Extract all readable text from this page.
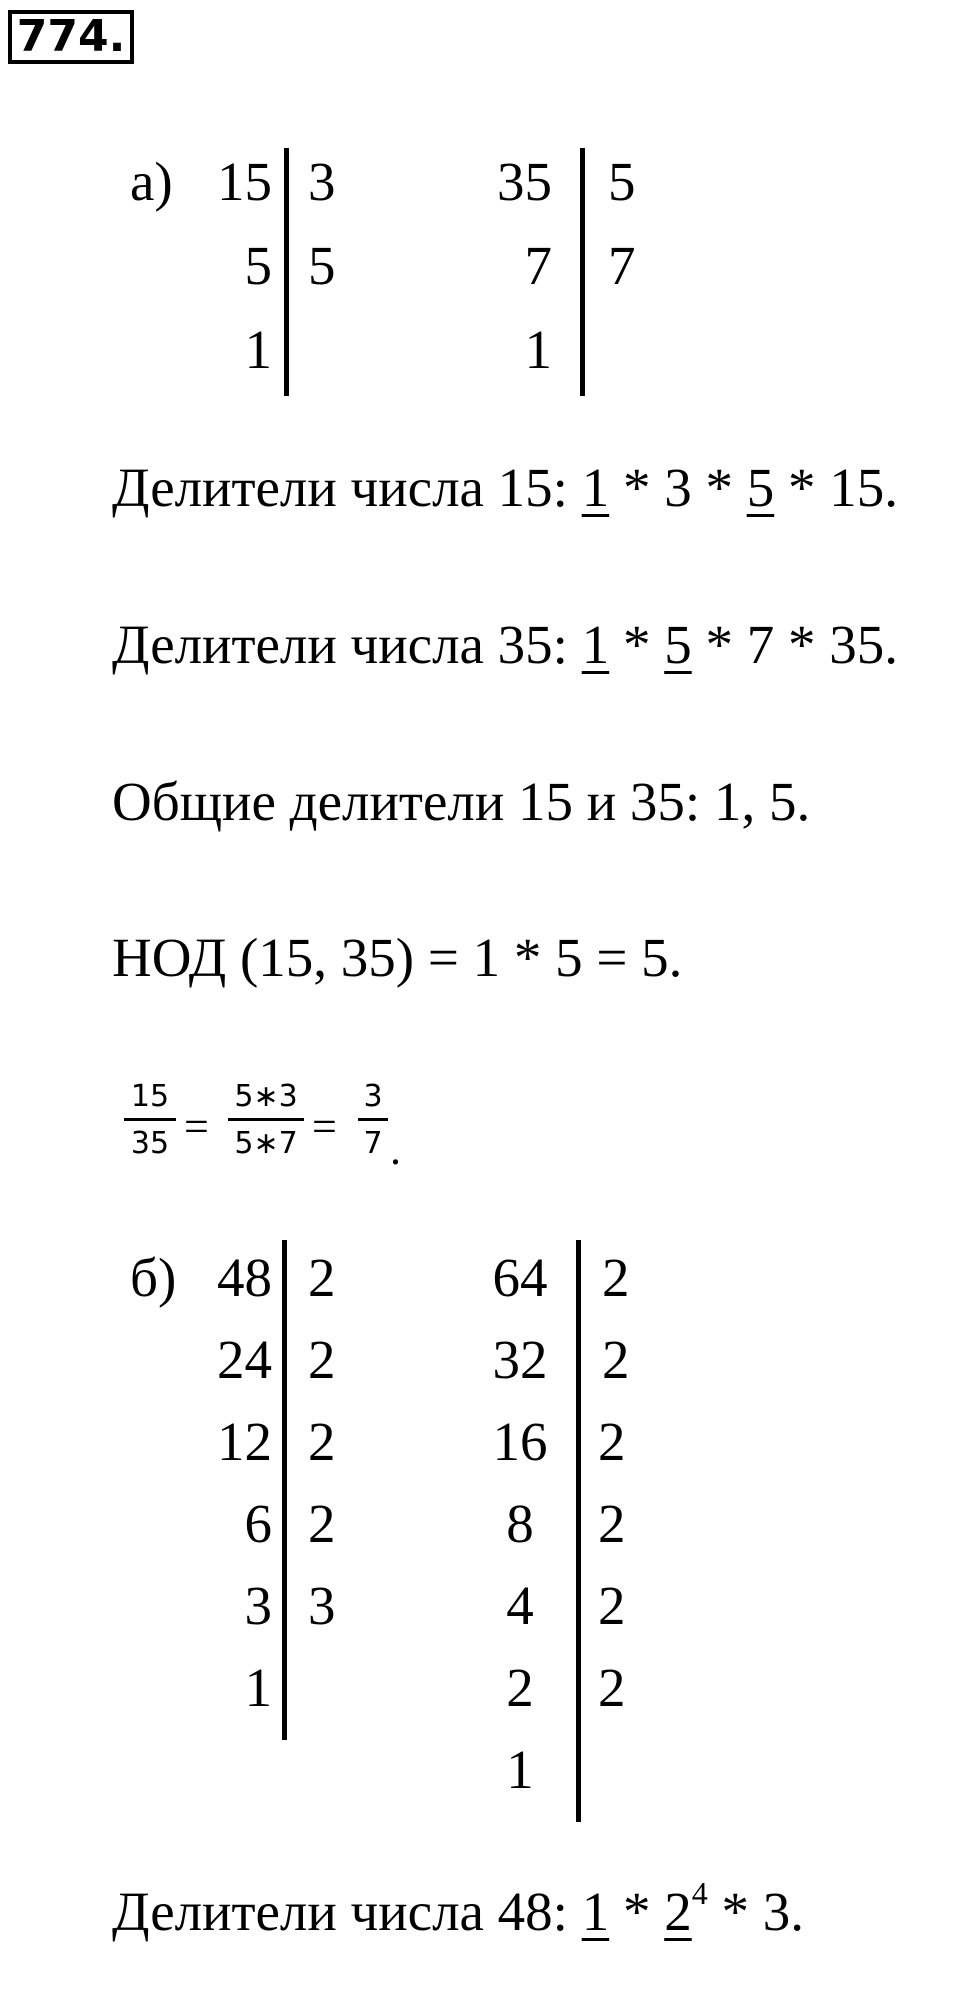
774.
а) 15
5
1
3
5
35
7
1
5
7
Делители числа 15: 1 * 3 * 5 * 15.
Делители числа 35: 1 * 5 * 7 * 35.
Общие делители 15 и 35: 1, 5.
НОД (15, 35) = 1 * 5 = 5.
15
35 =
5∗3
5∗7 =
3
7 .
б) 48
24
12
6
3
1
2
2
2
2
3
64
32
16
8
4
2
1
2
2
2
2
2
2
Делители числа 48: $1 * 2^4 * 3$.
